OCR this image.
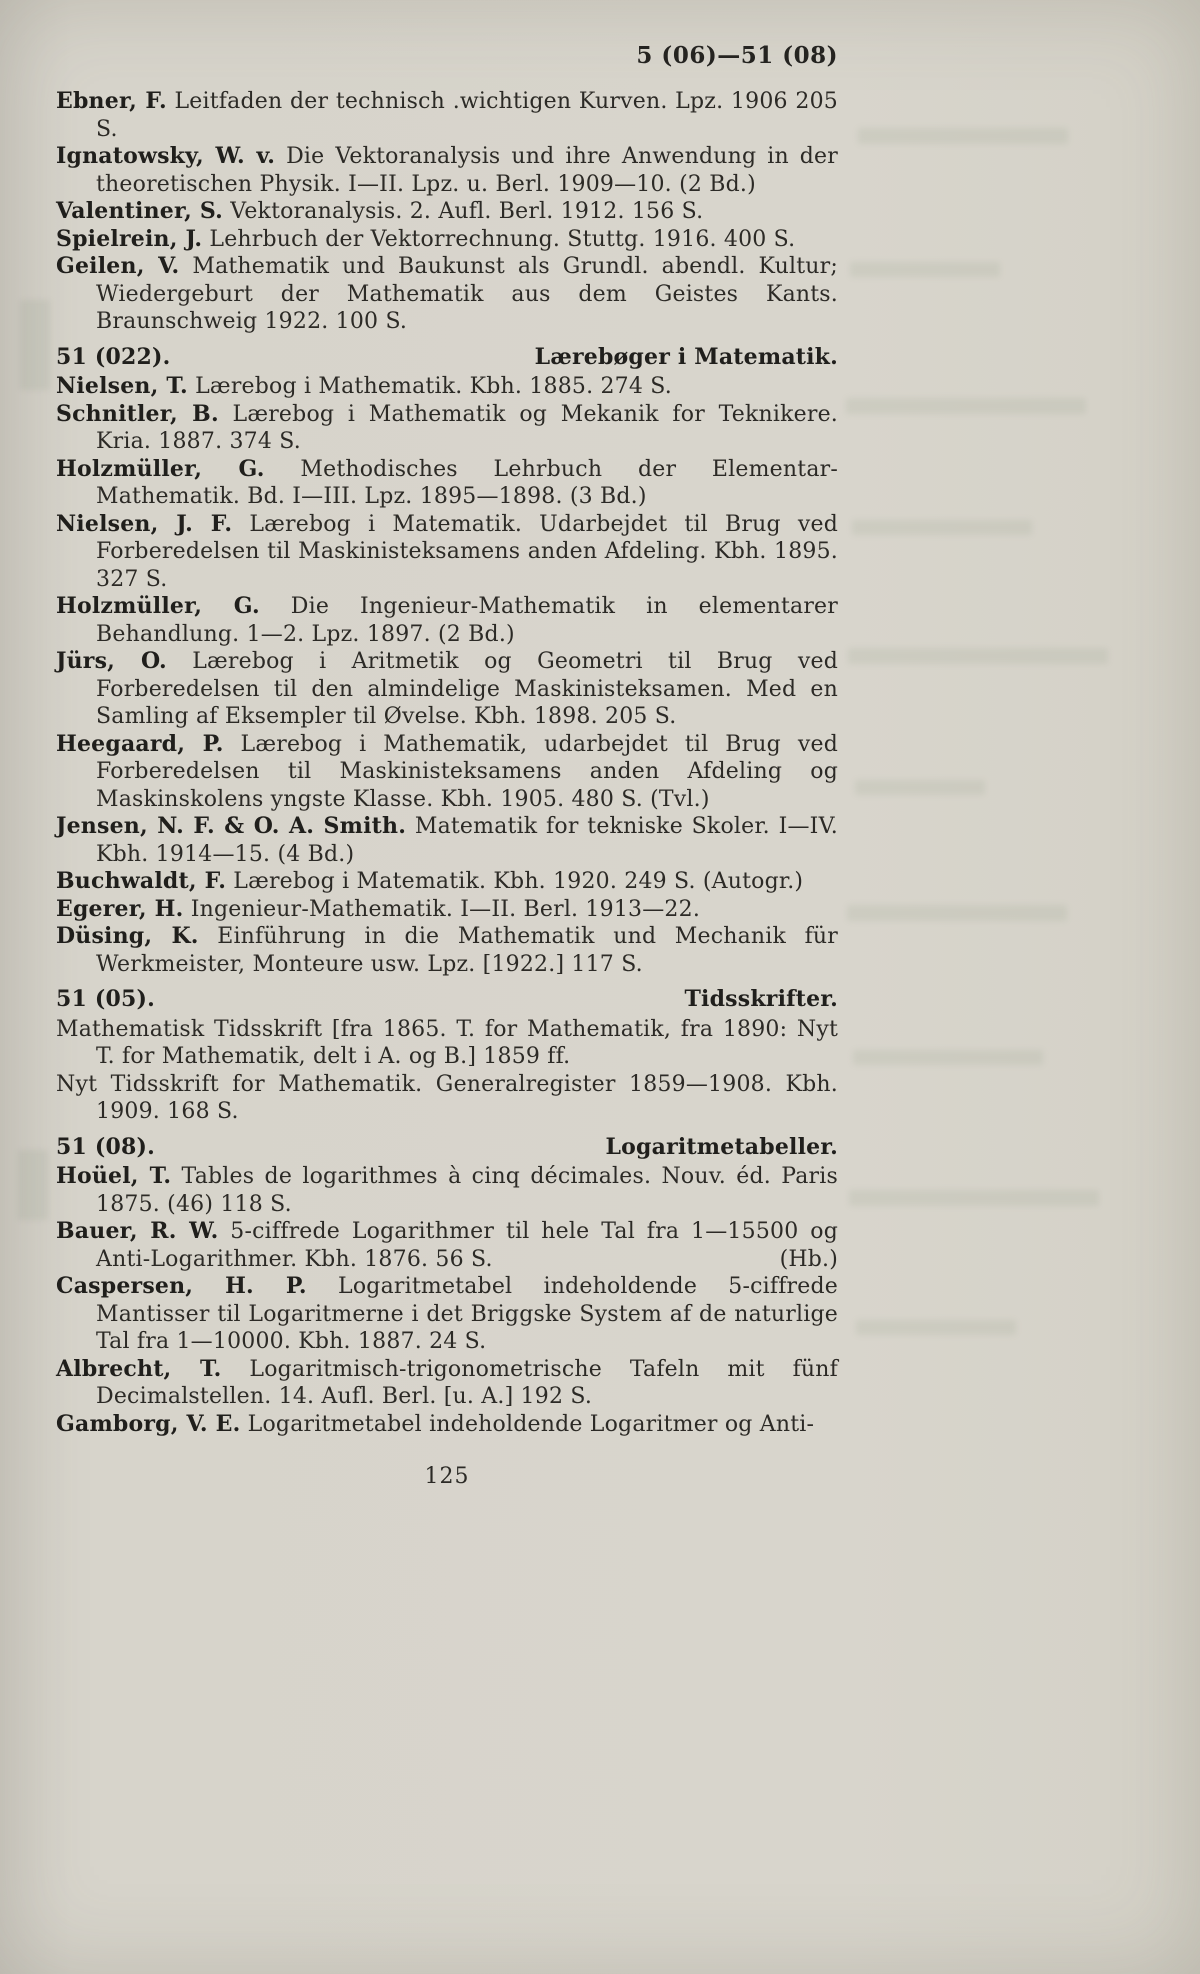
5 (06)—51 (08)

Ebner, F. Leitfaden der technisch .wichtigen Kurven. Lpz. 1906 205 S.

Ignatowsky, W. v. Die Vektoranalysis und ihre Anwendung in der theoretischen Physik. I—II. Lpz. u. Berl. 1909—10. (2 Bd.)

Valentiner, S. Vektoranalysis. 2. Aufl. Berl. 1912. 156 S.

Spielrein, J. Lehrbuch der Vektorrechnung. Stuttg. 1916. 400 S.

Geilen, V. Mathematik und Baukunst als Grundl. abendl. Kultur; Wiedergeburt der Mathematik aus dem Geistes Kants. Braunschweig 1922. 100 S.

51 (022).	Lærebøger i Matematik.

Nielsen, T. Lærebog i Mathematik. Kbh. 1885. 274 S.

Schnitler, B. Lærebog i Mathematik og Mekanik for Teknikere. Kria. 1887. 374 S.

Holzmüller, G. Methodisches Lehrbuch der Elementar-Mathematik. Bd. I—III. Lpz. 1895—1898. (3 Bd.)

Nielsen, J. F. Lærebog i Matematik. Udarbejdet til Brug ved Forberedelsen til Maskinisteksamens anden Afdeling. Kbh. 1895. 327 S.

Holzmüller, G. Die Ingenieur-Mathematik in elementarer Behandlung. 1—2. Lpz. 1897. (2 Bd.)

Jürs, O. Lærebog i Aritmetik og Geometri til Brug ved Forberedelsen til den almindelige Maskinisteksamen. Med en Samling af Eksempler til Øvelse. Kbh. 1898. 205 S.

Heegaard, P. Lærebog i Mathematik, udarbejdet til Brug ved Forberedelsen til Maskinisteksamens anden Afdeling og Maskinskolens yngste Klasse. Kbh. 1905. 480 S. (Tvl.)

Jensen, N. F. & O. A. Smith. Matematik for tekniske Skoler. I—IV. Kbh. 1914—15. (4 Bd.)

Buchwaldt, F. Lærebog i Matematik. Kbh. 1920. 249 S. (Autogr.)

Egerer, H. Ingenieur-Mathematik. I—II. Berl. 1913—22.

Düsing, K. Einführung in die Mathematik und Mechanik für Werkmeister, Monteure usw. Lpz. [1922.] 117 S.

51 (05).	Tidsskrifter.

Mathematisk Tidsskrift [fra 1865. T. for Mathematik, fra 1890: Nyt T. for Mathematik, delt i A. og B.] 1859 ff.

Nyt Tidsskrift for Mathematik. Generalregister 1859—1908. Kbh. 1909. 168 S.

51 (08).	Logaritmetabeller.

Hoüel, T. Tables de logarithmes à cinq décimales. Nouv. éd. Paris 1875. (46) 118 S.

Bauer, R. W. 5-ciffrede Logarithmer til hele Tal fra 1—15500 og Anti-Logarithmer. Kbh. 1876. 56 S.	(Hb.)

Caspersen, H. P. Logaritmetabel indeholdende 5-ciffrede Mantisser til Logaritmerne i det Briggske System af de naturlige Tal fra 1—10000. Kbh. 1887. 24 S.

Albrecht, T. Logaritmisch-trigonometrische Tafeln mit fünf Decimalstellen. 14. Aufl. Berl. [u. A.] 192 S.

Gamborg, V. E. Logaritmetabel indeholdende Logaritmer og Anti-

125
